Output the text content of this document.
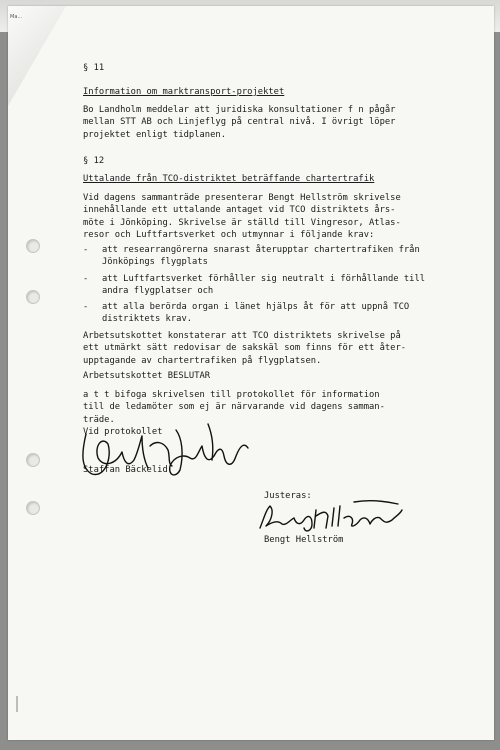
Ma...

§ 11

Information om marktransport-projektet

Bo Landholm meddelar att juridiska konsultationer f n pågår
mellan STT AB och Linjeflyg på central nivå. I övrigt löper
projektet enligt tidplanen.

§ 12

Uttalande från TCO-distriktet beträffande chartertrafik

Vid dagens sammanträde presenterar Bengt Hellström skrivelse
innehållande ett uttalande antaget vid TCO distriktets års-
möte i Jönköping. Skrivelse är ställd till Vingresor, Atlas-
resor och Luftfartsverket och utmynnar i följande krav:

- att researrangörerna snarast återupptar chartertrafiken från
Jönköpings flygplats

- att Luftfartsverket förhåller sig neutralt i förhållande till
andra flygplatser och

- att alla berörda organ i länet hjälps åt för att uppnå TCO
distriktets krav.

Arbetsutskottet konstaterar att TCO distriktets skrivelse på
ett utmärkt sätt redovisar de sakskäl som finns för ett åter-
upptagande av chartertrafiken på flygplatsen.

Arbetsutskottet BESLUTAR

a t t bifoga skrivelsen till protokollet för information
till de ledamöter som ej är närvarande vid dagens samman-
träde.

Vid protokollet

Staffan Bäckelid

Justeras:

Bengt Hellström
